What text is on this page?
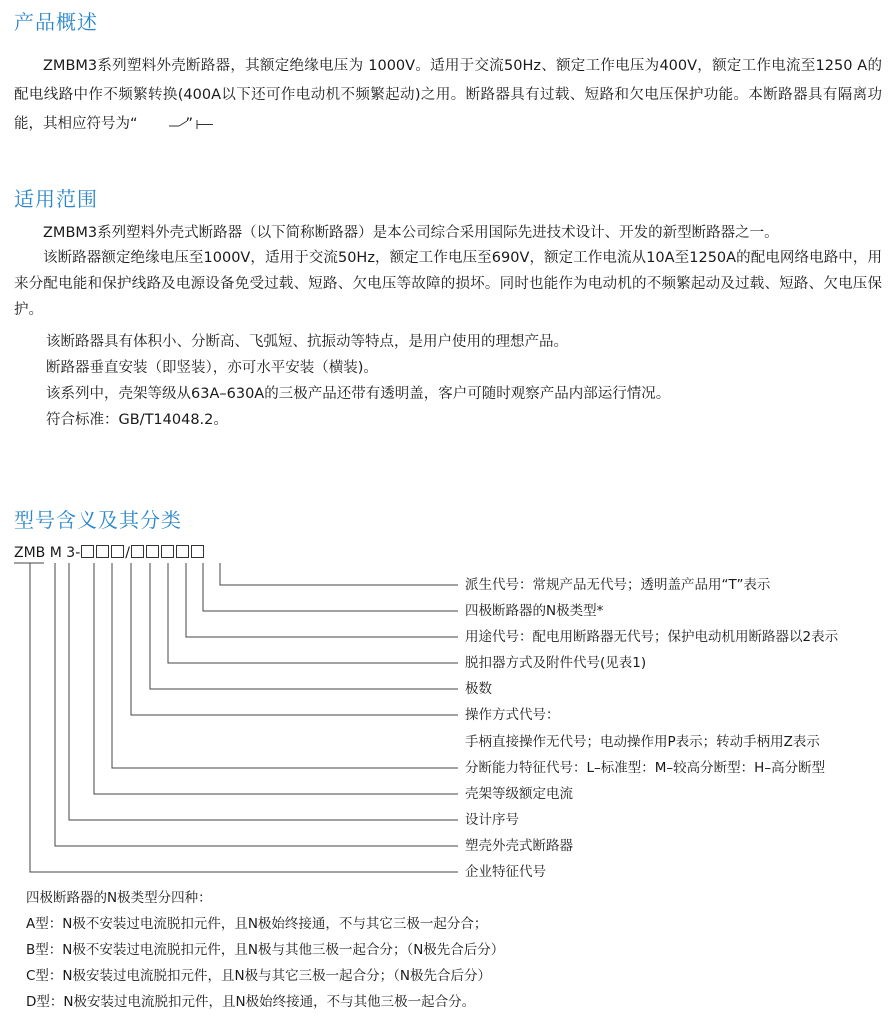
产品概述

ZMBM3系列塑料外壳断路器，其额定绝缘电压为 1000V。适用于交流50Hz、额定工作电压为400V，额定工作电流至1250 A的配电线路中作不频繁转换(400A以下还可作电动机不频繁起动)之用。断路器具有过载、短路和欠电压保护功能。本断路器具有隔离功能，其相应符号为“	”

适用范围

ZMBM3系列塑料外壳式断路器（以下简称断路器）是本公司综合采用国际先进技术设计、开发的新型断路器之一。

该断路器额定绝缘电压至1000V，适用于交流50Hz，额定工作电压至690V，额定工作电流从10A至1250A的配电网络电路中，用来分配电能和保护线路及电源设备免受过载、短路、欠电压等故障的损坏。同时也能作为电动机的不频繁起动及过载、短路、欠电压保护。

该断路器具有体积小、分断高、飞弧短、抗振动等特点，是用户使用的理想产品。

断路器垂直安装（即竖装），亦可水平安装（横装)。

该系列中，壳架等级从63A–630A的三极产品还带有透明盖，客户可随时观察产品内部运行情况。

符合标准：GB/T14048.2。

型号含义及其分类
ZMB M 3-	/
派生代号：常规产品无代号；透明盖产品用“T”表示
四极断路器的N极类型*
用途代号：配电用断路器无代号；保护电动机用断路器以2表示
脱扣器方式及附件代号(见表1)
极数
操作方式代号：
手柄直接操作无代号；电动操作用P表示；转动手柄用Z表示
分断能力特征代号：L–标准型：M–较高分断型：H–高分断型
壳架等级额定电流
设计序号
塑壳外壳式断路器
企业特征代号
四极断路器的N极类型分四种：
A型：N极不安装过电流脱扣元件，且N极始终接通，不与其它三极一起分合；
B型：N极不安装过电流脱扣元件，且N极与其他三极一起合分；（N极先合后分）
C型：N极安装过电流脱扣元件，且N极与其它三极一起合分；（N极先合后分）
D型：N极安装过电流脱扣元件，且N极始终接通，不与其他三极一起合分。
